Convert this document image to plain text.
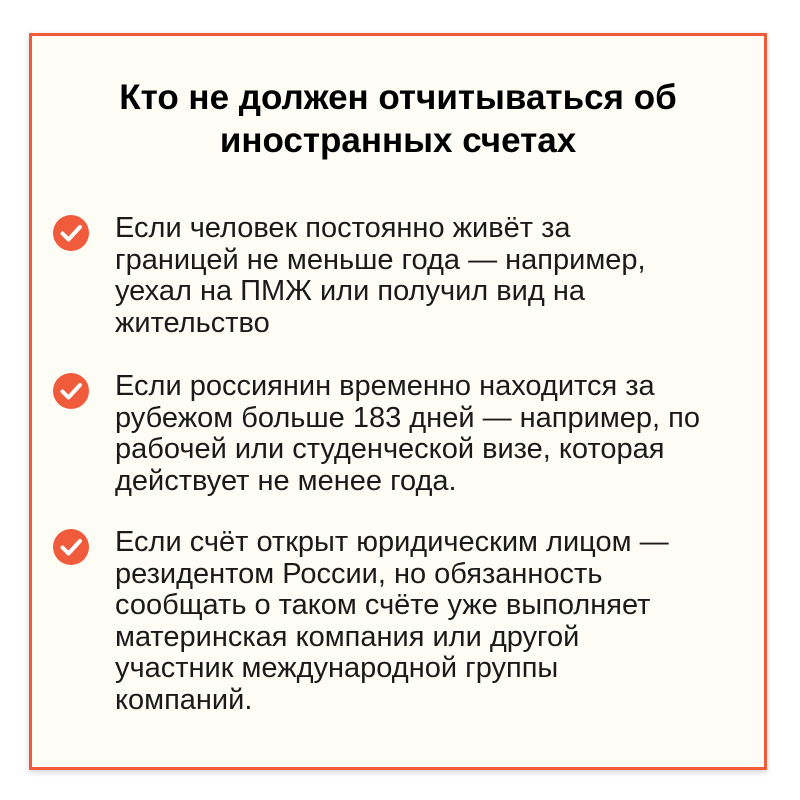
Кто не должен отчитываться об
иностранных счетах

Если человек постоянно живёт за
границей не меньше года — например,
уехал на ПМЖ или получил вид на
жительство

Если россиянин временно находится за
рубежом больше 183 дней — например, по
рабочей или студенческой визе, которая
действует не менее года.

Если счёт открыт юридическим лицом —
резидентом России, но обязанность
сообщать о таком счёте уже выполняет
материнская компания или другой
участник международной группы
компаний.
